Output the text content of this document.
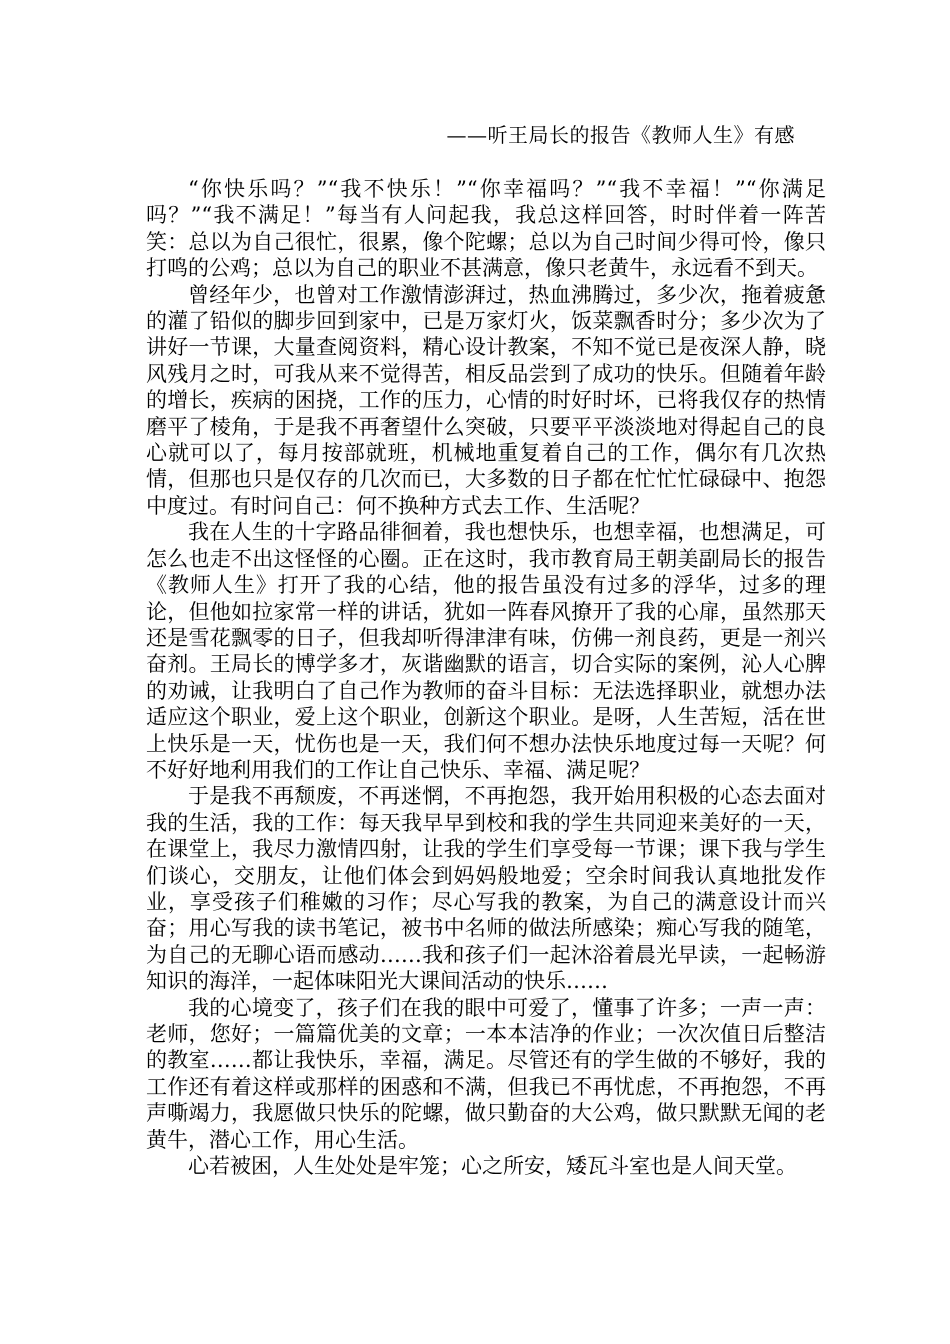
——听王局长的报告《教师人生》有感

“你快乐吗？”“我不快乐！”“你幸福吗？”“我不幸福！”“你满足吗？”“我不满足！”每当有人问起我，我总这样回答，时时伴着一阵苦笑：总以为自己很忙，很累，像个陀螺；总以为自己时间少得可怜，像只打鸣的公鸡；总以为自己的职业不甚满意，像只老黄牛，永远看不到天。

曾经年少，也曾对工作激情澎湃过，热血沸腾过，多少次，拖着疲惫的灌了铅似的脚步回到家中，已是万家灯火，饭菜飘香时分；多少次为了讲好一节课，大量查阅资料，精心设计教案，不知不觉已是夜深人静，晓风残月之时，可我从来不觉得苦，相反品尝到了成功的快乐。但随着年龄的增长，疾病的困挠，工作的压力，心情的时好时坏，已将我仅存的热情磨平了棱角，于是我不再奢望什么突破，只要平平淡淡地对得起自己的良心就可以了，每月按部就班，机械地重复着自己的工作，偶尔有几次热情，但那也只是仅存的几次而已，大多数的日子都在忙忙忙碌碌中、抱怨中度过。有时问自己：何不换种方式去工作、生活呢？

我在人生的十字路品徘徊着，我也想快乐，也想幸福，也想满足，可怎么也走不出这怪怪的心圈。正在这时，我市教育局王朝美副局长的报告《教师人生》打开了我的心结，他的报告虽没有过多的浮华，过多的理论，但他如拉家常一样的讲话，犹如一阵春风撩开了我的心扉，虽然那天还是雪花飘零的日子，但我却听得津津有味，仿佛一剂良药，更是一剂兴奋剂。王局长的博学多才，灰谐幽默的语言，切合实际的案例，沁人心脾的劝诫，让我明白了自己作为教师的奋斗目标：无法选择职业，就想办法适应这个职业，爱上这个职业，创新这个职业。是呀，人生苦短，活在世上快乐是一天，忧伤也是一天，我们何不想办法快乐地度过每一天呢？何不好好地利用我们的工作让自己快乐、幸福、满足呢？

于是我不再颓废，不再迷惘，不再抱怨，我开始用积极的心态去面对我的生活，我的工作：每天我早早到校和我的学生共同迎来美好的一天，在课堂上，我尽力激情四射，让我的学生们享受每一节课；课下我与学生们谈心，交朋友，让他们体会到妈妈般地爱；空余时间我认真地批发作业，享受孩子们稚嫩的习作；尽心写我的教案，为自己的满意设计而兴奋；用心写我的读书笔记，被书中名师的做法所感染；痴心写我的随笔，为自己的无聊心语而感动……我和孩子们一起沐浴着晨光早读，一起畅游知识的海洋，一起体味阳光大课间活动的快乐……

我的心境变了，孩子们在我的眼中可爱了，懂事了许多；一声一声：老师，您好；一篇篇优美的文章；一本本洁净的作业；一次次值日后整洁的教室……都让我快乐，幸福，满足。尽管还有的学生做的不够好，我的工作还有着这样或那样的困惑和不满，但我已不再忧虑，不再抱怨，不再声嘶竭力，我愿做只快乐的陀螺，做只勤奋的大公鸡，做只默默无闻的老黄牛，潜心工作，用心生活。

心若被困，人生处处是牢笼；心之所安，矮瓦斗室也是人间天堂。
